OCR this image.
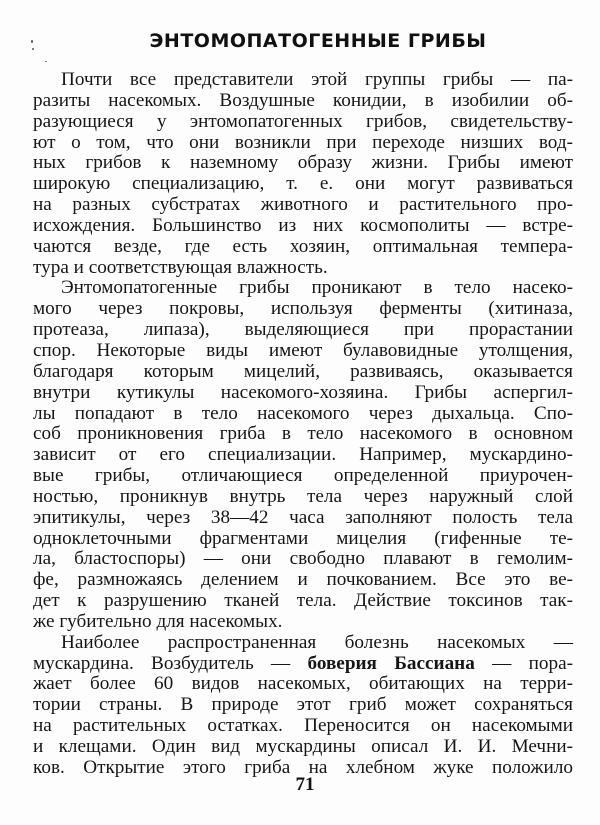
ЭНТОМОПАТОГЕННЫЕ ГРИБЫ
Почти все представители этой группы грибы — па-
разиты насекомых. Воздушные конидии, в изобилии об-
разующиеся у энтомопатогенных грибов, свидетельству-
ют о том, что они возникли при переходе низших вод-
ных грибов к наземному образу жизни. Грибы имеют
широкую специализацию, т. е. они могут развиваться
на разных субстратах животного и растительного про-
исхождения. Большинство из них космополиты — встре-
чаются везде, где есть хозяин, оптимальная темпера-
тура и соответствующая влажность.
Энтомопатогенные грибы проникают в тело насеко-
мого через покровы, используя ферменты (хитиназа,
протеаза, липаза), выделяющиеся при прорастании
спор. Некоторые виды имеют булавовидные утолщения,
благодаря которым мицелий, развиваясь, оказывается
внутри кутикулы насекомого-хозяина. Грибы аспергил-
лы попадают в тело насекомого через дыхальца. Спо-
соб проникновения гриба в тело насекомого в основном
зависит от его специализации. Например, мускардино-
вые грибы, отличающиеся определенной приурочен-
ностью, проникнув внутрь тела через наружный слой
эпитикулы, через 38—42 часа заполняют полость тела
одноклеточными фрагментами мицелия (гифенные те-
ла, бластоспоры) — они свободно плавают в гемолим-
фе, размножаясь делением и почкованием. Все это ве-
дет к разрушению тканей тела. Действие токсинов так-
же губительно для насекомых.
Наиболее распространенная болезнь насекомых —
мускардина. Возбудитель — боверия Бассиана — пора-
жает более 60 видов насекомых, обитающих на терри-
тории страны. В природе этот гриб может сохраняться
на растительных остатках. Переносится он насекомыми
и клещами. Один вид мускардины описал И. И. Мечни-
ков. Открытие этого гриба на хлебном жуке положило
71
